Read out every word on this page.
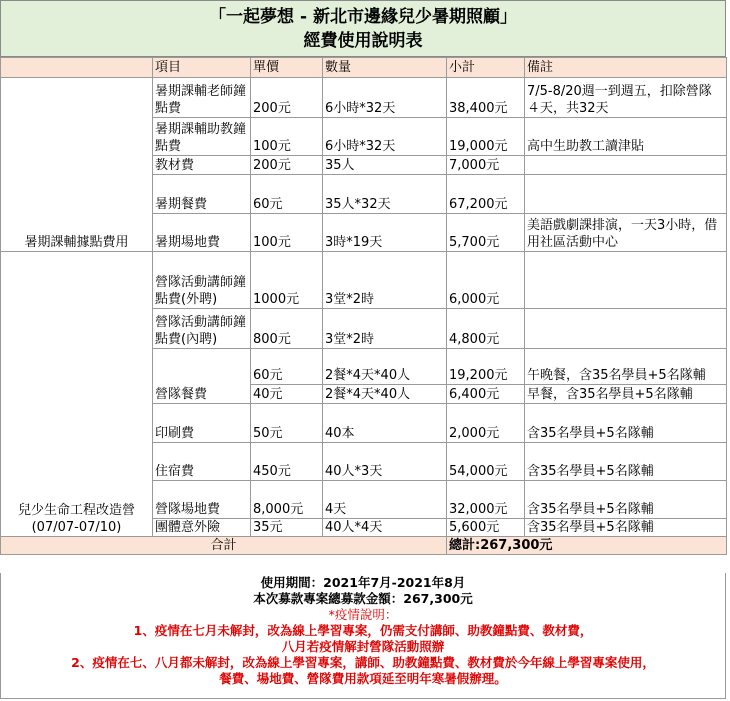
「一起夢想 - 新北市邊緣兒少暑期照顧」
經費使用說明表
	項目	單價	數量	小計	備註
暑期課輔據點費用	暑期課輔老師鐘點費	200元	6小時*32天	38,400元	7/5-8/20週一到週五，扣除營隊４天，共32天
	暑期課輔助教鐘點費	100元	6小時*32天	19,000元	高中生助教工讀津貼
	教材費	200元	35人	7,000元	
	暑期餐費	60元	35人*32天	67,200元	
	暑期場地費	100元	3時*19天	5,700元	美語戲劇課排演，一天3小時，借用社區活動中心

兒少生命工程改造營
(07/07-07/10)	營隊活動講師鐘點費(外聘)	1000元	3堂*2時	6,000元	
	營隊活動講師鐘點費(內聘)	800元	3堂*2時	4,800元	
	營隊餐費	60元	2餐*4天*40人	19,200元	午晚餐，含35名學員+5名隊輔
		40元	2餐*4天*40人	6,400元	早餐，含35名學員+5名隊輔
	印刷費	50元	40本	2,000元	含35名學員+5名隊輔
	住宿費	450元	40人*3天	54,000元	含35名學員+5名隊輔
	營隊場地費	8,000元	4天	32,000元	含35名學員+5名隊輔
	團體意外險	35元	40人*4天	5,600元	含35名學員+5名隊輔
合計				總計:267,300元	
使用期間：2021年7月-2021年8月
本次募款專案總募款金額：267,300元
*疫情說明：
1、疫情在七月未解封，改為線上學習專案，仍需支付講師、助教鐘點費、教材費，
八月若疫情解封營隊活動照辦
2、疫情在七、八月都未解封，改為線上學習專案，講師、助教鐘點費、教材費於今年線上學習專案使用，
餐費、場地費、營隊費用款項延至明年寒暑假辦理。
